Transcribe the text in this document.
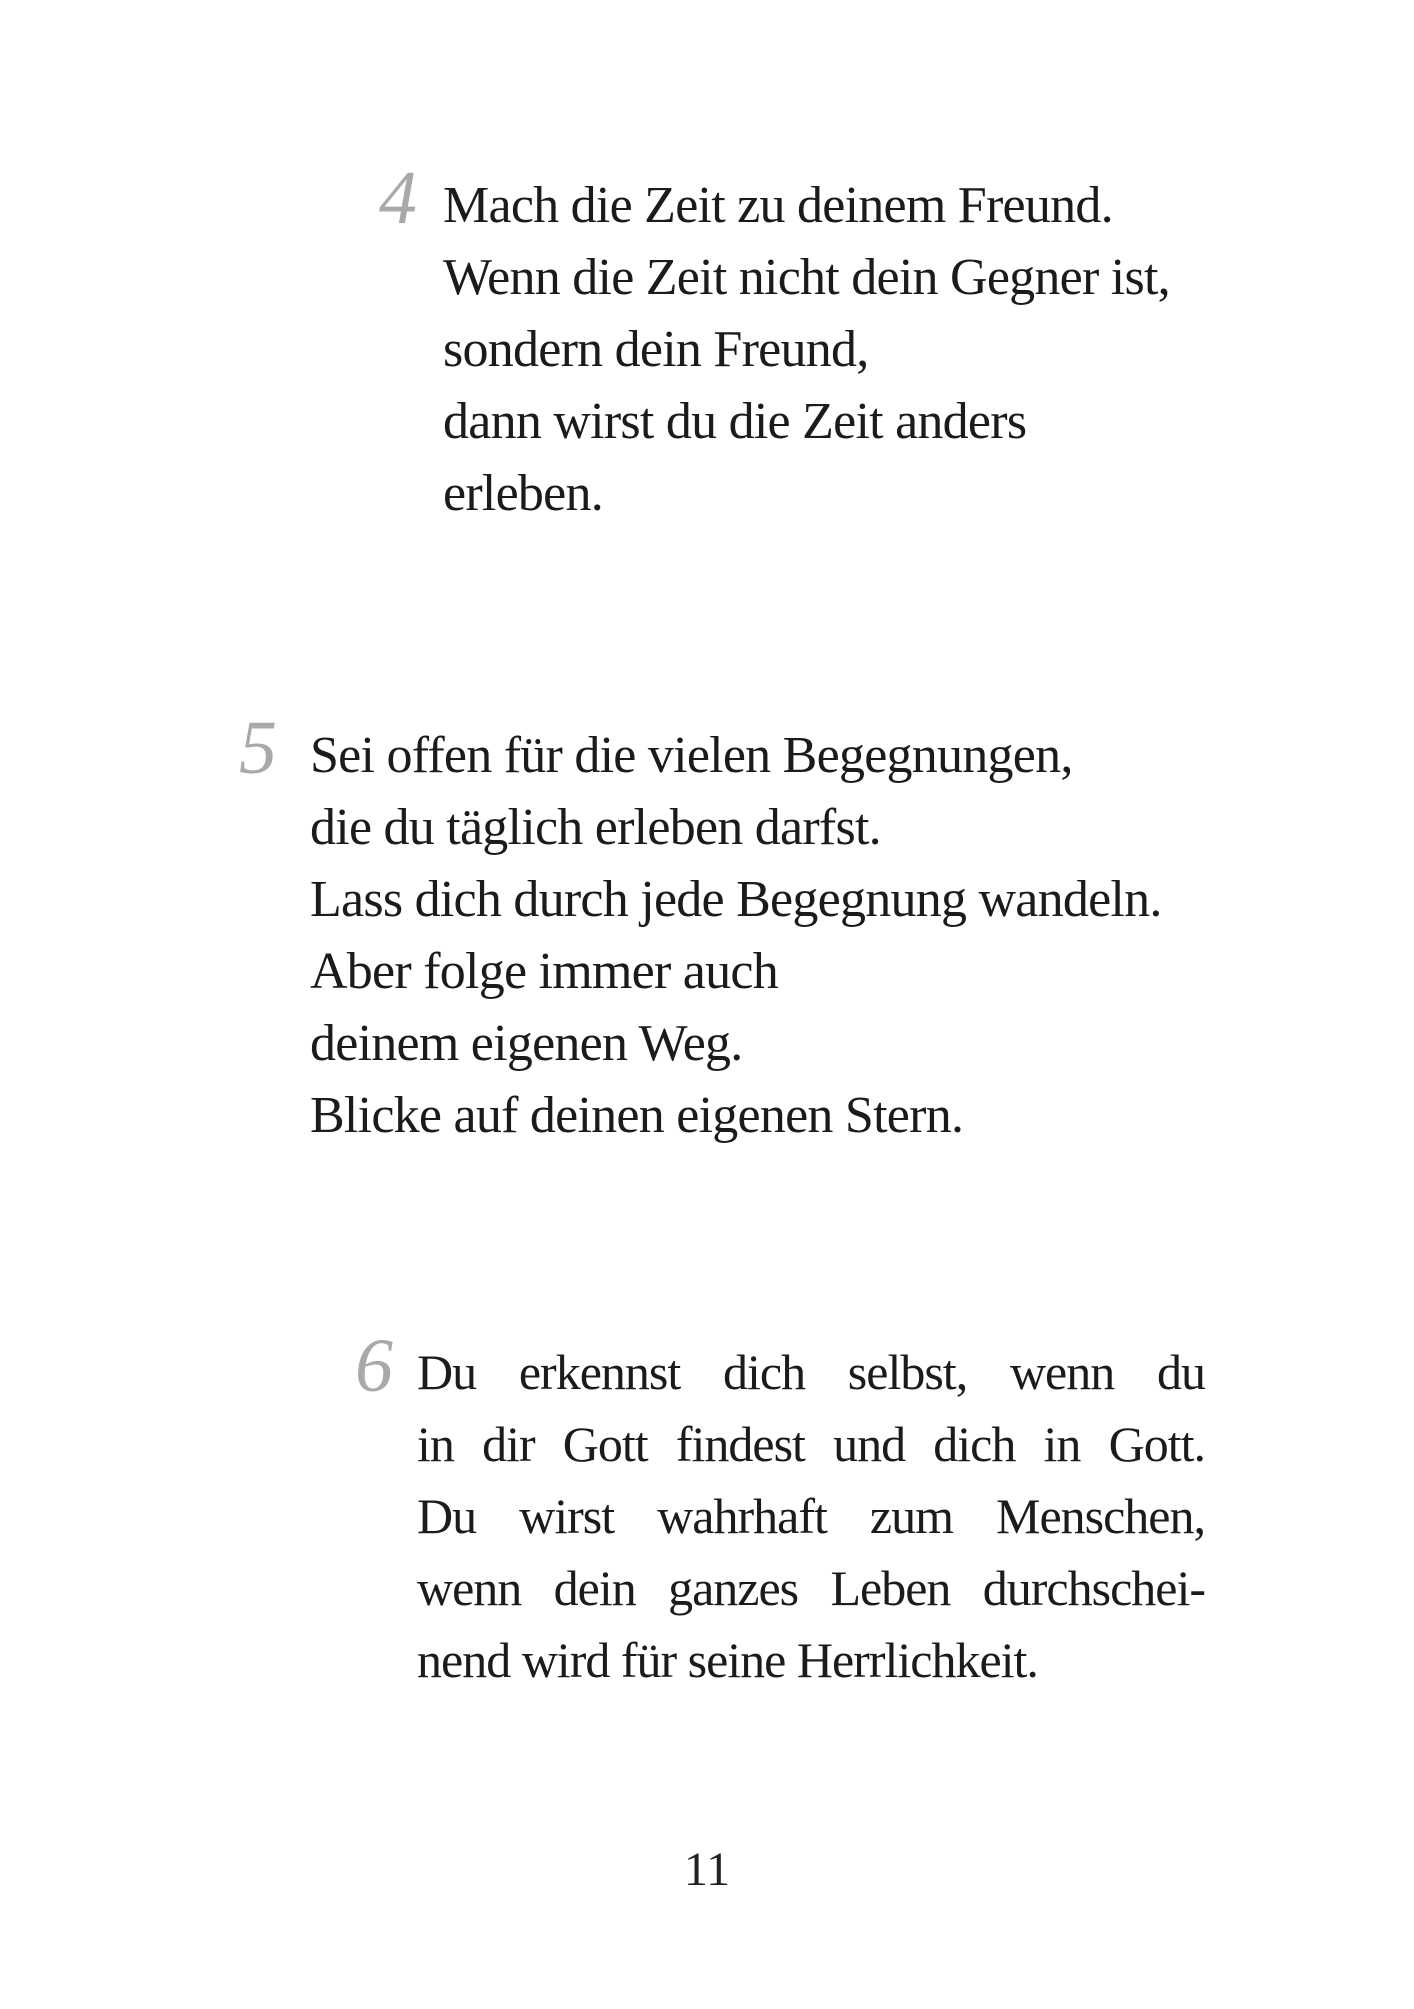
4 Mach die Zeit zu deinem Freund.
Wenn die Zeit nicht dein Gegner ist,
sondern dein Freund,
dann wirst du die Zeit anders
erleben.
5 Sei offen für die vielen Begegnungen,
die du täglich erleben darfst.
Lass dich durch jede Begegnung wandeln.
Aber folge immer auch
deinem eigenen Weg.
Blicke auf deinen eigenen Stern.
6 Du erkennst dich selbst, wenn du
in dir Gott findest und dich in Gott.
Du wirst wahrhaft zum Menschen,
wenn dein ganzes Leben durchschei-
nend wird für seine Herrlichkeit.
11
